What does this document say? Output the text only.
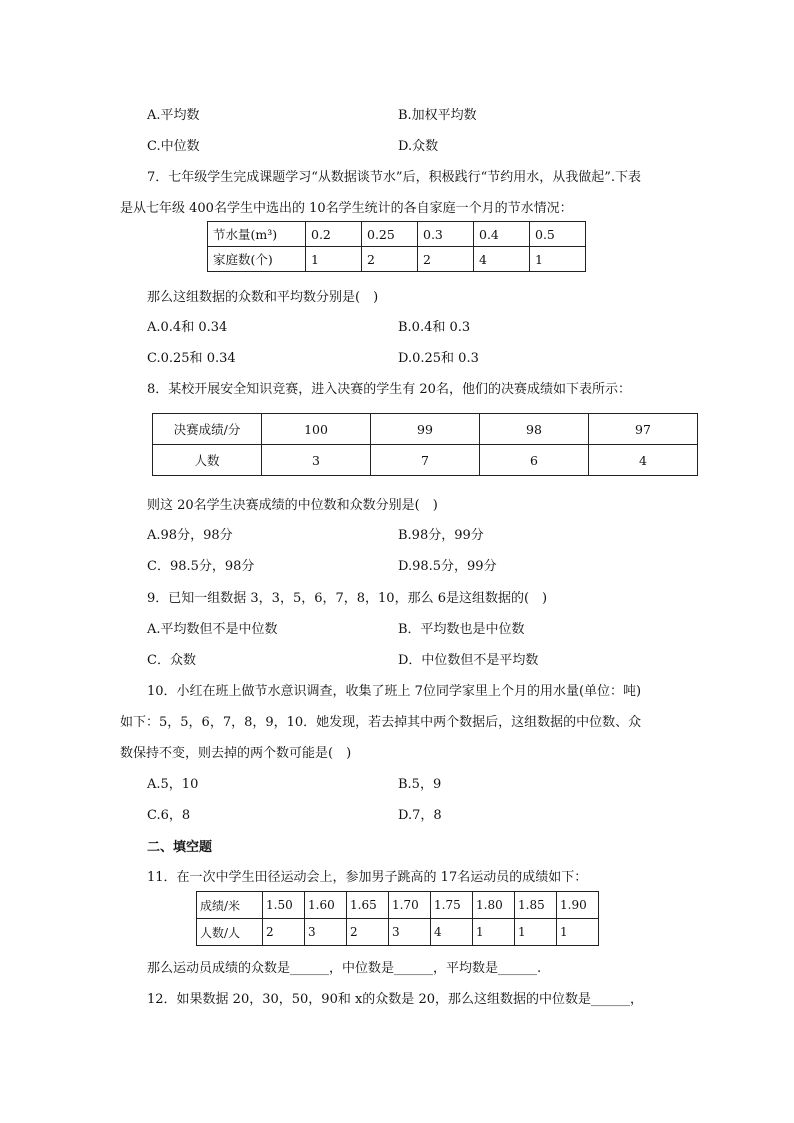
A.平均数	B.加权平均数
C.中位数	D.众数
7．七年级学生完成课题学习“从数据谈节水”后，积极践行“节约用水，从我做起”.下表
是从七年级 400名学生中选出的 10名学生统计的各自家庭一个月的节水情况：
节水量(m³)	0.2	0.25	0.3	0.4	0.5
家庭数(个)	1	2	2	4	1
那么这组数据的众数和平均数分别是(　)
A.0.4和 0.34	B.0.4和 0.3
C.0.25和 0.34	D.0.25和 0.3
8．某校开展安全知识竞赛，进入决赛的学生有 20名，他们的决赛成绩如下表所示：
决赛成绩/分	100	99	98	97
人数	3	7	6	4
则这 20名学生决赛成绩的中位数和众数分别是(　)
A.98分，98分	B.98分，99分
C．98.5分，98分	D.98.5分，99分
9．已知一组数据 3，3，5，6，7，8，10，那么 6是这组数据的(　)
A.平均数但不是中位数	B．平均数也是中位数
C．众数	D．中位数但不是平均数
10．小红在班上做节水意识调查，收集了班上 7位同学家里上个月的用水量(单位：吨)
如下：5，5，6，7，8，9，10．她发现，若去掉其中两个数据后，这组数据的中位数、众
数保持不变，则去掉的两个数可能是(　)
A.5，10	B.5，9
C.6，8	D.7，8
二、填空题
11．在一次中学生田径运动会上，参加男子跳高的 17名运动员的成绩如下：
成绩/米	1.50	1.60	1.65	1.70	1.75	1.80	1.85	1.90
人数/人	2	3	2	3	4	1	1	1
那么运动员成绩的众数是______，中位数是______，平均数是______.
12．如果数据 20，30，50，90和 x的众数是 20，那么这组数据的中位数是______，
